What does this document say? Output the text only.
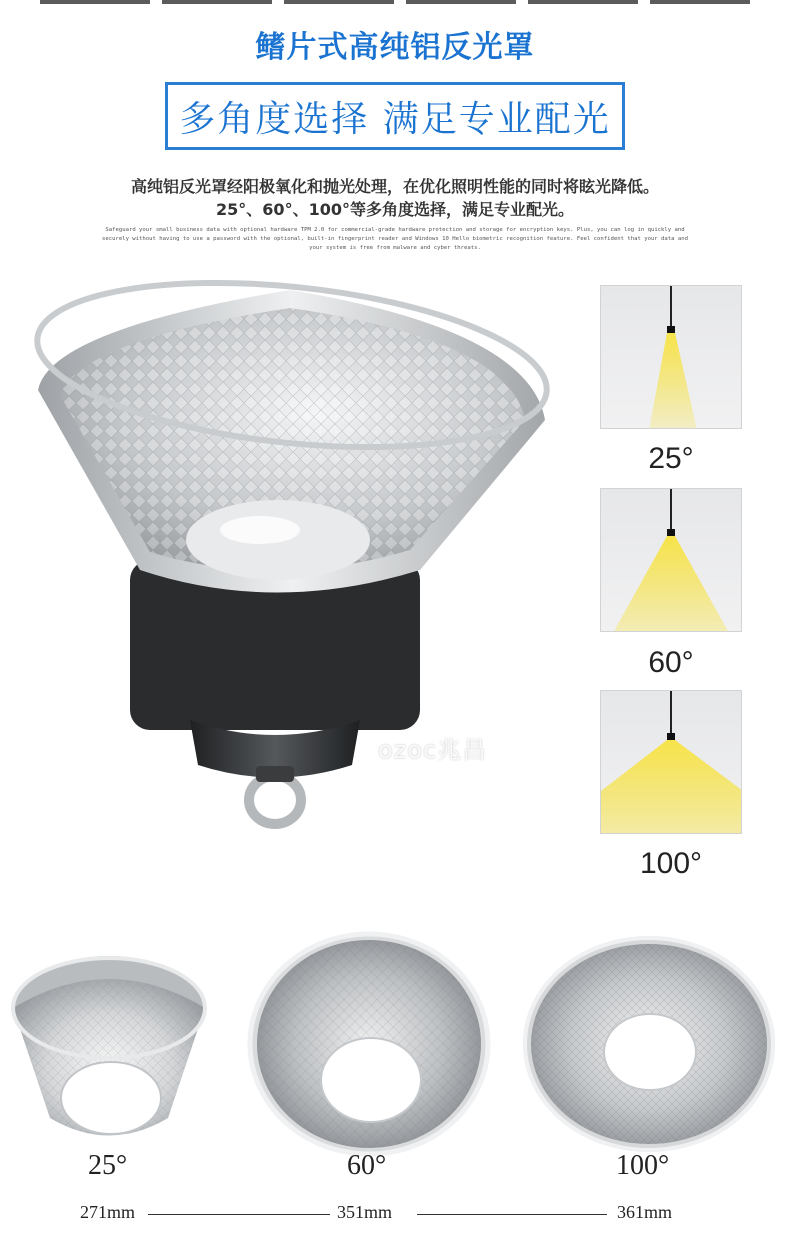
鳍片式高纯铝反光罩
多角度选择 满足专业配光
高纯铝反光罩经阳极氧化和抛光处理，在优化照明性能的同时将眩光降低。
25°、60°、100°等多角度选择，满足专业配光。
Safeguard your small business data with optional hardware TPM 2.0 for commercial-grade hardware protection and storage for encryption keys. Plus, you can log in quickly and securely without having to use a password with the optional, built-in fingerprint reader and Windows 10 Hello biometric recognition feature. Feel confident that your data and your system is free from malware and cyber threats.
ozoc兆昌
25°
60°
100°
25°	60°	100°
271mm	351mm	361mm
